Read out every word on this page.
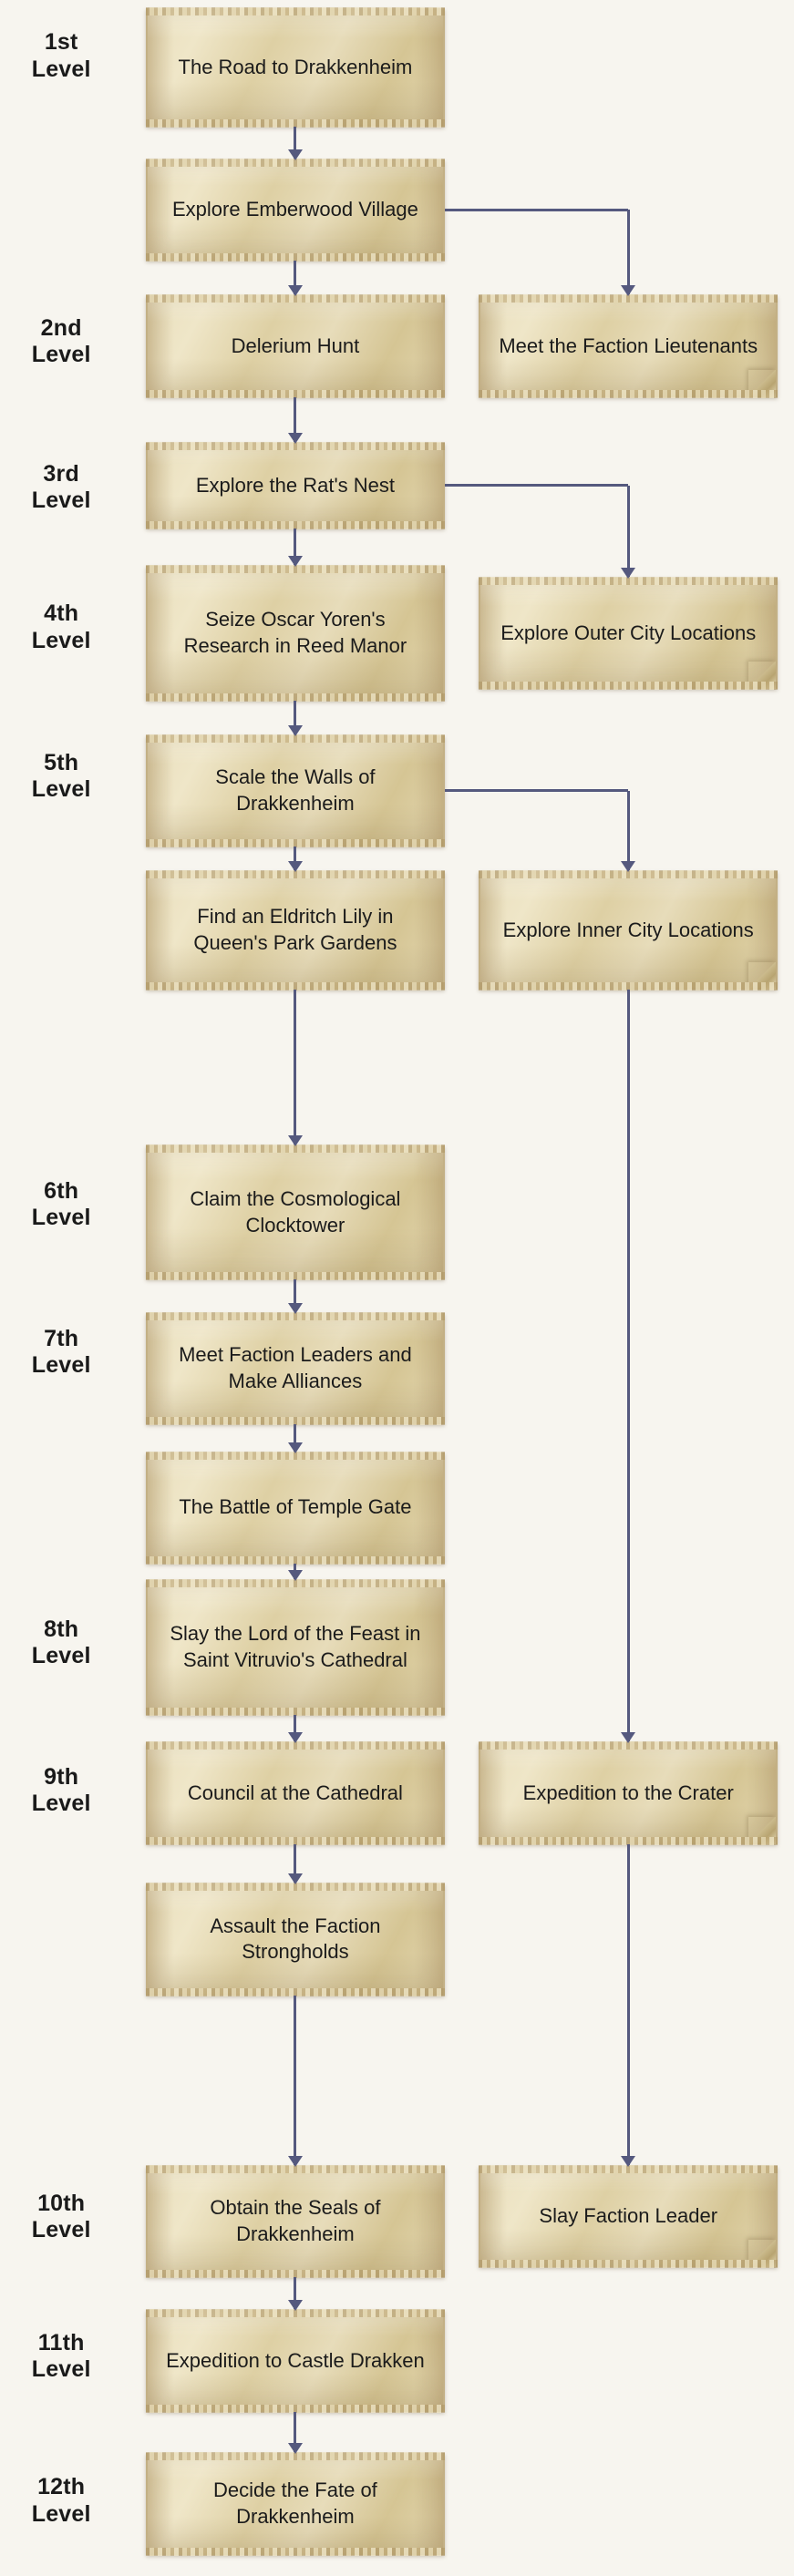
1st
Level
2nd
Level
3rd
Level
4th
Level
5th
Level
6th
Level
7th
Level
8th
Level
9th
Level
10th
Level
11th
Level
12th
Level
The Road to Drakkenheim
Explore Emberwood Village
Delerium Hunt	Meet the Faction Lieutenants
Explore the Rat's Nest
Seize Oscar Yoren's Research in Reed Manor
Explore Outer City Locations
Scale the Walls of Drakkenheim
Find an Eldritch Lily in Queen's Park Gardens
Explore Inner City Locations
Claim the Cosmological Clocktower
Meet Faction Leaders and Make Alliances
The Battle of Temple Gate
Slay the Lord of the Feast in Saint Vitruvio's Cathedral
Council at the Cathedral	Expedition to the Crater
Assault the Faction Strongholds
Obtain the Seals of Drakkenheim
Slay Faction Leader
Expedition to Castle Drakken
Decide the Fate of Drakkenheim
